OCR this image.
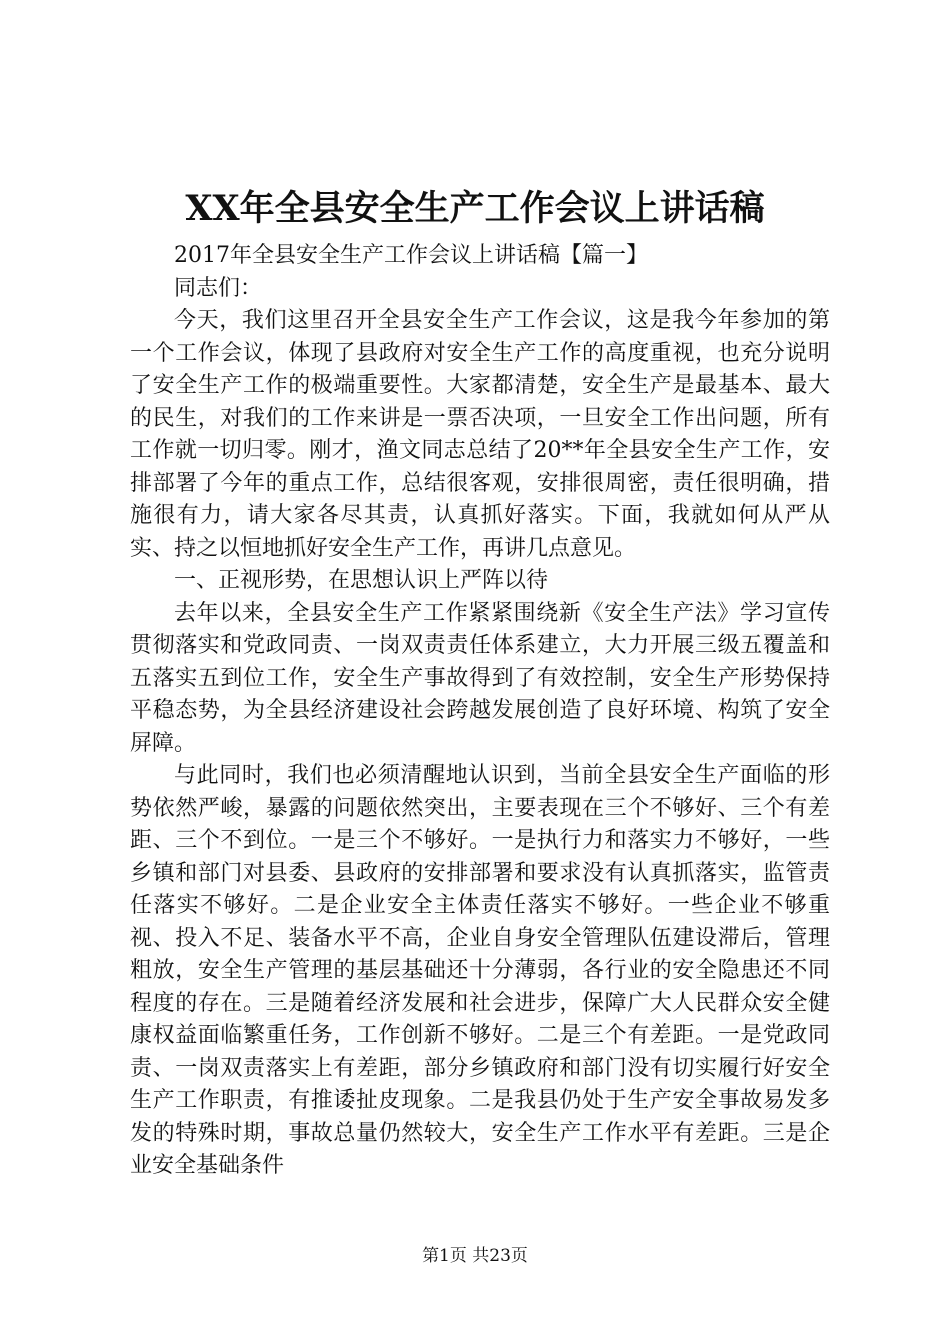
XX年全县安全生产工作会议上讲话稿

2017年全县安全生产工作会议上讲话稿【篇一】

同志们：

今天，我们这里召开全县安全生产工作会议，这是我今年参加的第一个工作会议，体现了县政府对安全生产工作的高度重视，也充分说明了安全生产工作的极端重要性。大家都清楚，安全生产是最基本、最大的民生，对我们的工作来讲是一票否决项，一旦安全工作出问题，所有工作就一切归零。刚才，渔文同志总结了20**年全县安全生产工作，安排部署了今年的重点工作，总结很客观，安排很周密，责任很明确，措施很有力，请大家各尽其责，认真抓好落实。下面，我就如何从严从实、持之以恒地抓好安全生产工作，再讲几点意见。

一、正视形势，在思想认识上严阵以待

去年以来，全县安全生产工作紧紧围绕新《安全生产法》学习宣传贯彻落实和党政同责、一岗双责责任体系建立，大力开展三级五覆盖和五落实五到位工作，安全生产事故得到了有效控制，安全生产形势保持平稳态势，为全县经济建设社会跨越发展创造了良好环境、构筑了安全屏障。

与此同时，我们也必须清醒地认识到，当前全县安全生产面临的形势依然严峻，暴露的问题依然突出，主要表现在三个不够好、三个有差距、三个不到位。一是三个不够好。一是执行力和落实力不够好，一些乡镇和部门对县委、县政府的安排部署和要求没有认真抓落实，监管责任落实不够好。二是企业安全主体责任落实不够好。一些企业不够重视、投入不足、装备水平不高，企业自身安全管理队伍建设滞后，管理粗放，安全生产管理的基层基础还十分薄弱，各行业的安全隐患还不同程度的存在。三是随着经济发展和社会进步，保障广大人民群众安全健康权益面临繁重任务，工作创新不够好。二是三个有差距。一是党政同责、一岗双责落实上有差距，部分乡镇政府和部门没有切实履行好安全生产工作职责，有推诿扯皮现象。二是我县仍处于生产安全事故易发多发的特殊时期，事故总量仍然较大，安全生产工作水平有差距。三是企业安全基础条件

第1页 共23页
